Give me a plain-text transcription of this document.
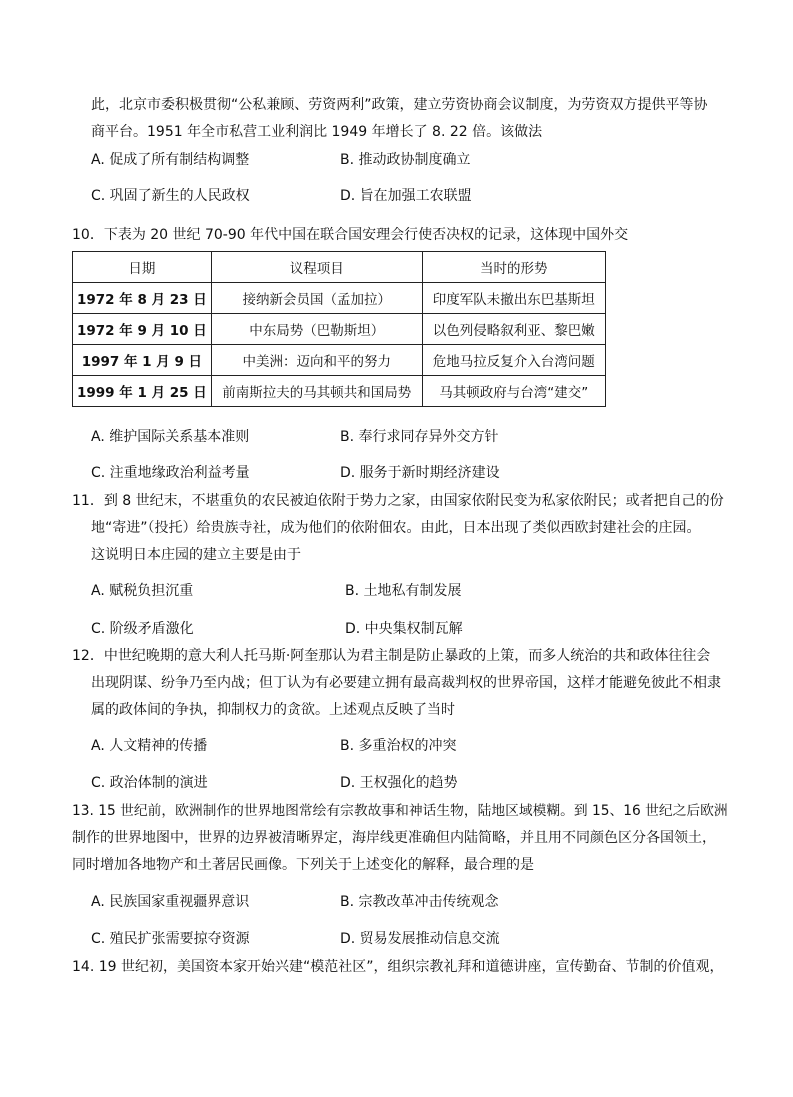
此，北京市委积极贯彻“公私兼顾、劳资两利”政策，建立劳资协商会议制度，为劳资双方提供平等协
商平台。1951 年全市私营工业利润比 1949 年增长了 8. 22 倍。该做法
A. 促成了所有制结构调整	B. 推动政协制度确立
C. 巩固了新生的人民政权	D. 旨在加强工农联盟
10．下表为 20 世纪 70-90 年代中国在联合国安理会行使否决权的记录，这体现中国外交
日期	议程项目	当时的形势
1972 年 8 月 23 日	接纳新会员国（孟加拉）	印度军队未撤出东巴基斯坦
1972 年 9 月 10 日	中东局势（巴勒斯坦）	以色列侵略叙利亚、黎巴嫩
1997 年 1 月 9 日	中美洲：迈向和平的努力	危地马拉反复介入台湾问题
1999 年 1 月 25 日	前南斯拉夫的马其顿共和国局势	马其顿政府与台湾“建交”
A. 维护国际关系基本准则	B. 奉行求同存异外交方针
C. 注重地缘政治利益考量	D. 服务于新时期经济建设
11．到 8 世纪末，不堪重负的农民被迫依附于势力之家，由国家依附民变为私家依附民；或者把自己的份
地“寄进”（投托）给贵族寺社，成为他们的依附佃农。由此，日本出现了类似西欧封建社会的庄园。
这说明日本庄园的建立主要是由于
A. 赋税负担沉重	B. 土地私有制发展
C. 阶级矛盾激化	D. 中央集权制瓦解
12．中世纪晚期的意大利人托马斯·阿奎那认为君主制是防止暴政的上策，而多人统治的共和政体往往会
出现阴谋、纷争乃至内战；但丁认为有必要建立拥有最高裁判权的世界帝国，这样才能避免彼此不相隶
属的政体间的争执，抑制权力的贪欲。上述观点反映了当时
A. 人文精神的传播	B. 多重治权的冲突
C. 政治体制的演进	D. 王权强化的趋势
13. 15 世纪前，欧洲制作的世界地图常绘有宗教故事和神话生物，陆地区域模糊。到 15、16 世纪之后欧洲
制作的世界地图中，世界的边界被清晰界定，海岸线更准确但内陆简略，并且用不同颜色区分各国领土，
同时增加各地物产和土著居民画像。下列关于上述变化的解释，最合理的是
A. 民族国家重视疆界意识	B. 宗教改革冲击传统观念
C. 殖民扩张需要掠夺资源	D. 贸易发展推动信息交流
14. 19 世纪初，美国资本家开始兴建“模范社区”，组织宗教礼拜和道德讲座，宣传勤奋、节制的价值观，
